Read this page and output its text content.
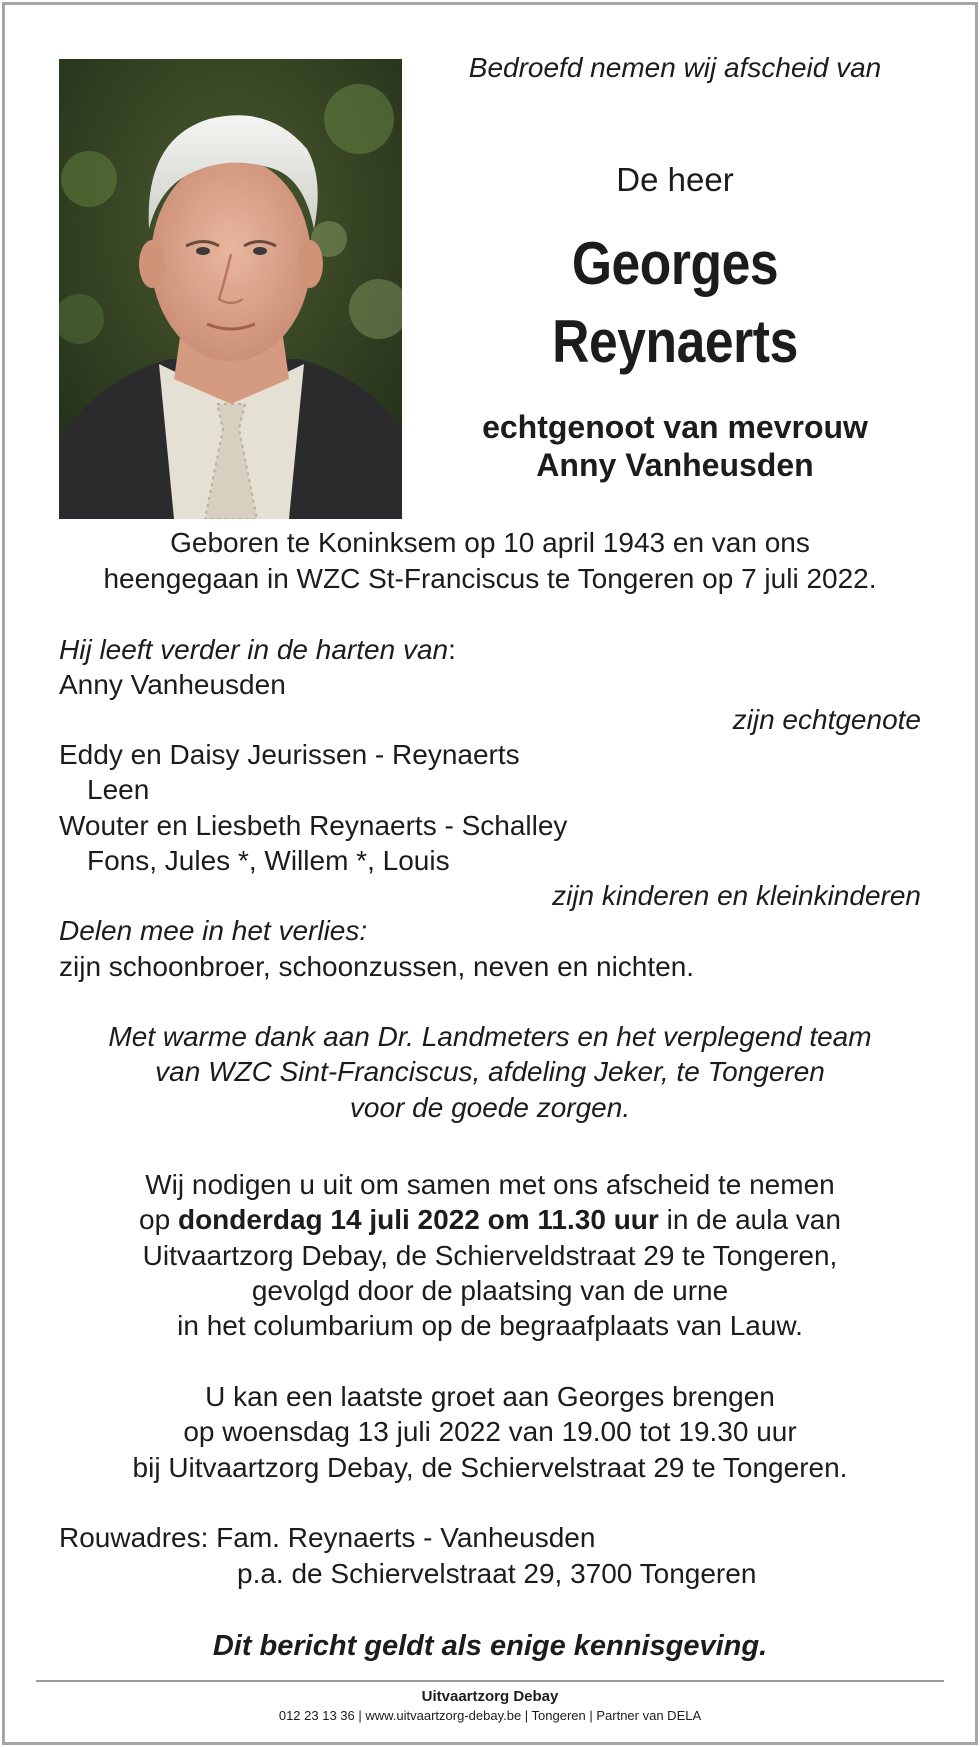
Bedroefd nemen wij afscheid van
De heer
Georges
Reynaerts
echtgenoot van mevrouw
Anny Vanheusden
Geboren te Koninksem op 10 april 1943 en van ons
heengegaan in WZC St-Franciscus te Tongeren op 7 juli 2022.
Hij leeft verder in de harten van:
Anny Vanheusden
zijn echtgenote
Eddy en Daisy Jeurissen - Reynaerts
Leen
Wouter en Liesbeth Reynaerts - Schalley
Fons, Jules *, Willem *, Louis
zijn kinderen en kleinkinderen
Delen mee in het verlies:
zijn schoonbroer, schoonzussen, neven en nichten.
Met warme dank aan Dr. Landmeters en het verplegend team
van WZC Sint-Franciscus, afdeling Jeker, te Tongeren
voor de goede zorgen.
Wij nodigen u uit om samen met ons afscheid te nemen
op donderdag 14 juli 2022 om 11.30 uur in de aula van
Uitvaartzorg Debay, de Schierveldstraat 29 te Tongeren,
gevolgd door de plaatsing van de urne
in het columbarium op de begraafplaats van Lauw.
U kan een laatste groet aan Georges brengen
op woensdag 13 juli 2022 van 19.00 tot 19.30 uur
bij Uitvaartzorg Debay, de Schiervelstraat 29 te Tongeren.
Rouwadres: Fam. Reynaerts - Vanheusden
p.a. de Schiervelstraat 29, 3700 Tongeren
Dit bericht geldt als enige kennisgeving.
Uitvaartzorg Debay
012 23 13 36 | www.uitvaartzorg-debay.be | Tongeren | Partner van DELA
